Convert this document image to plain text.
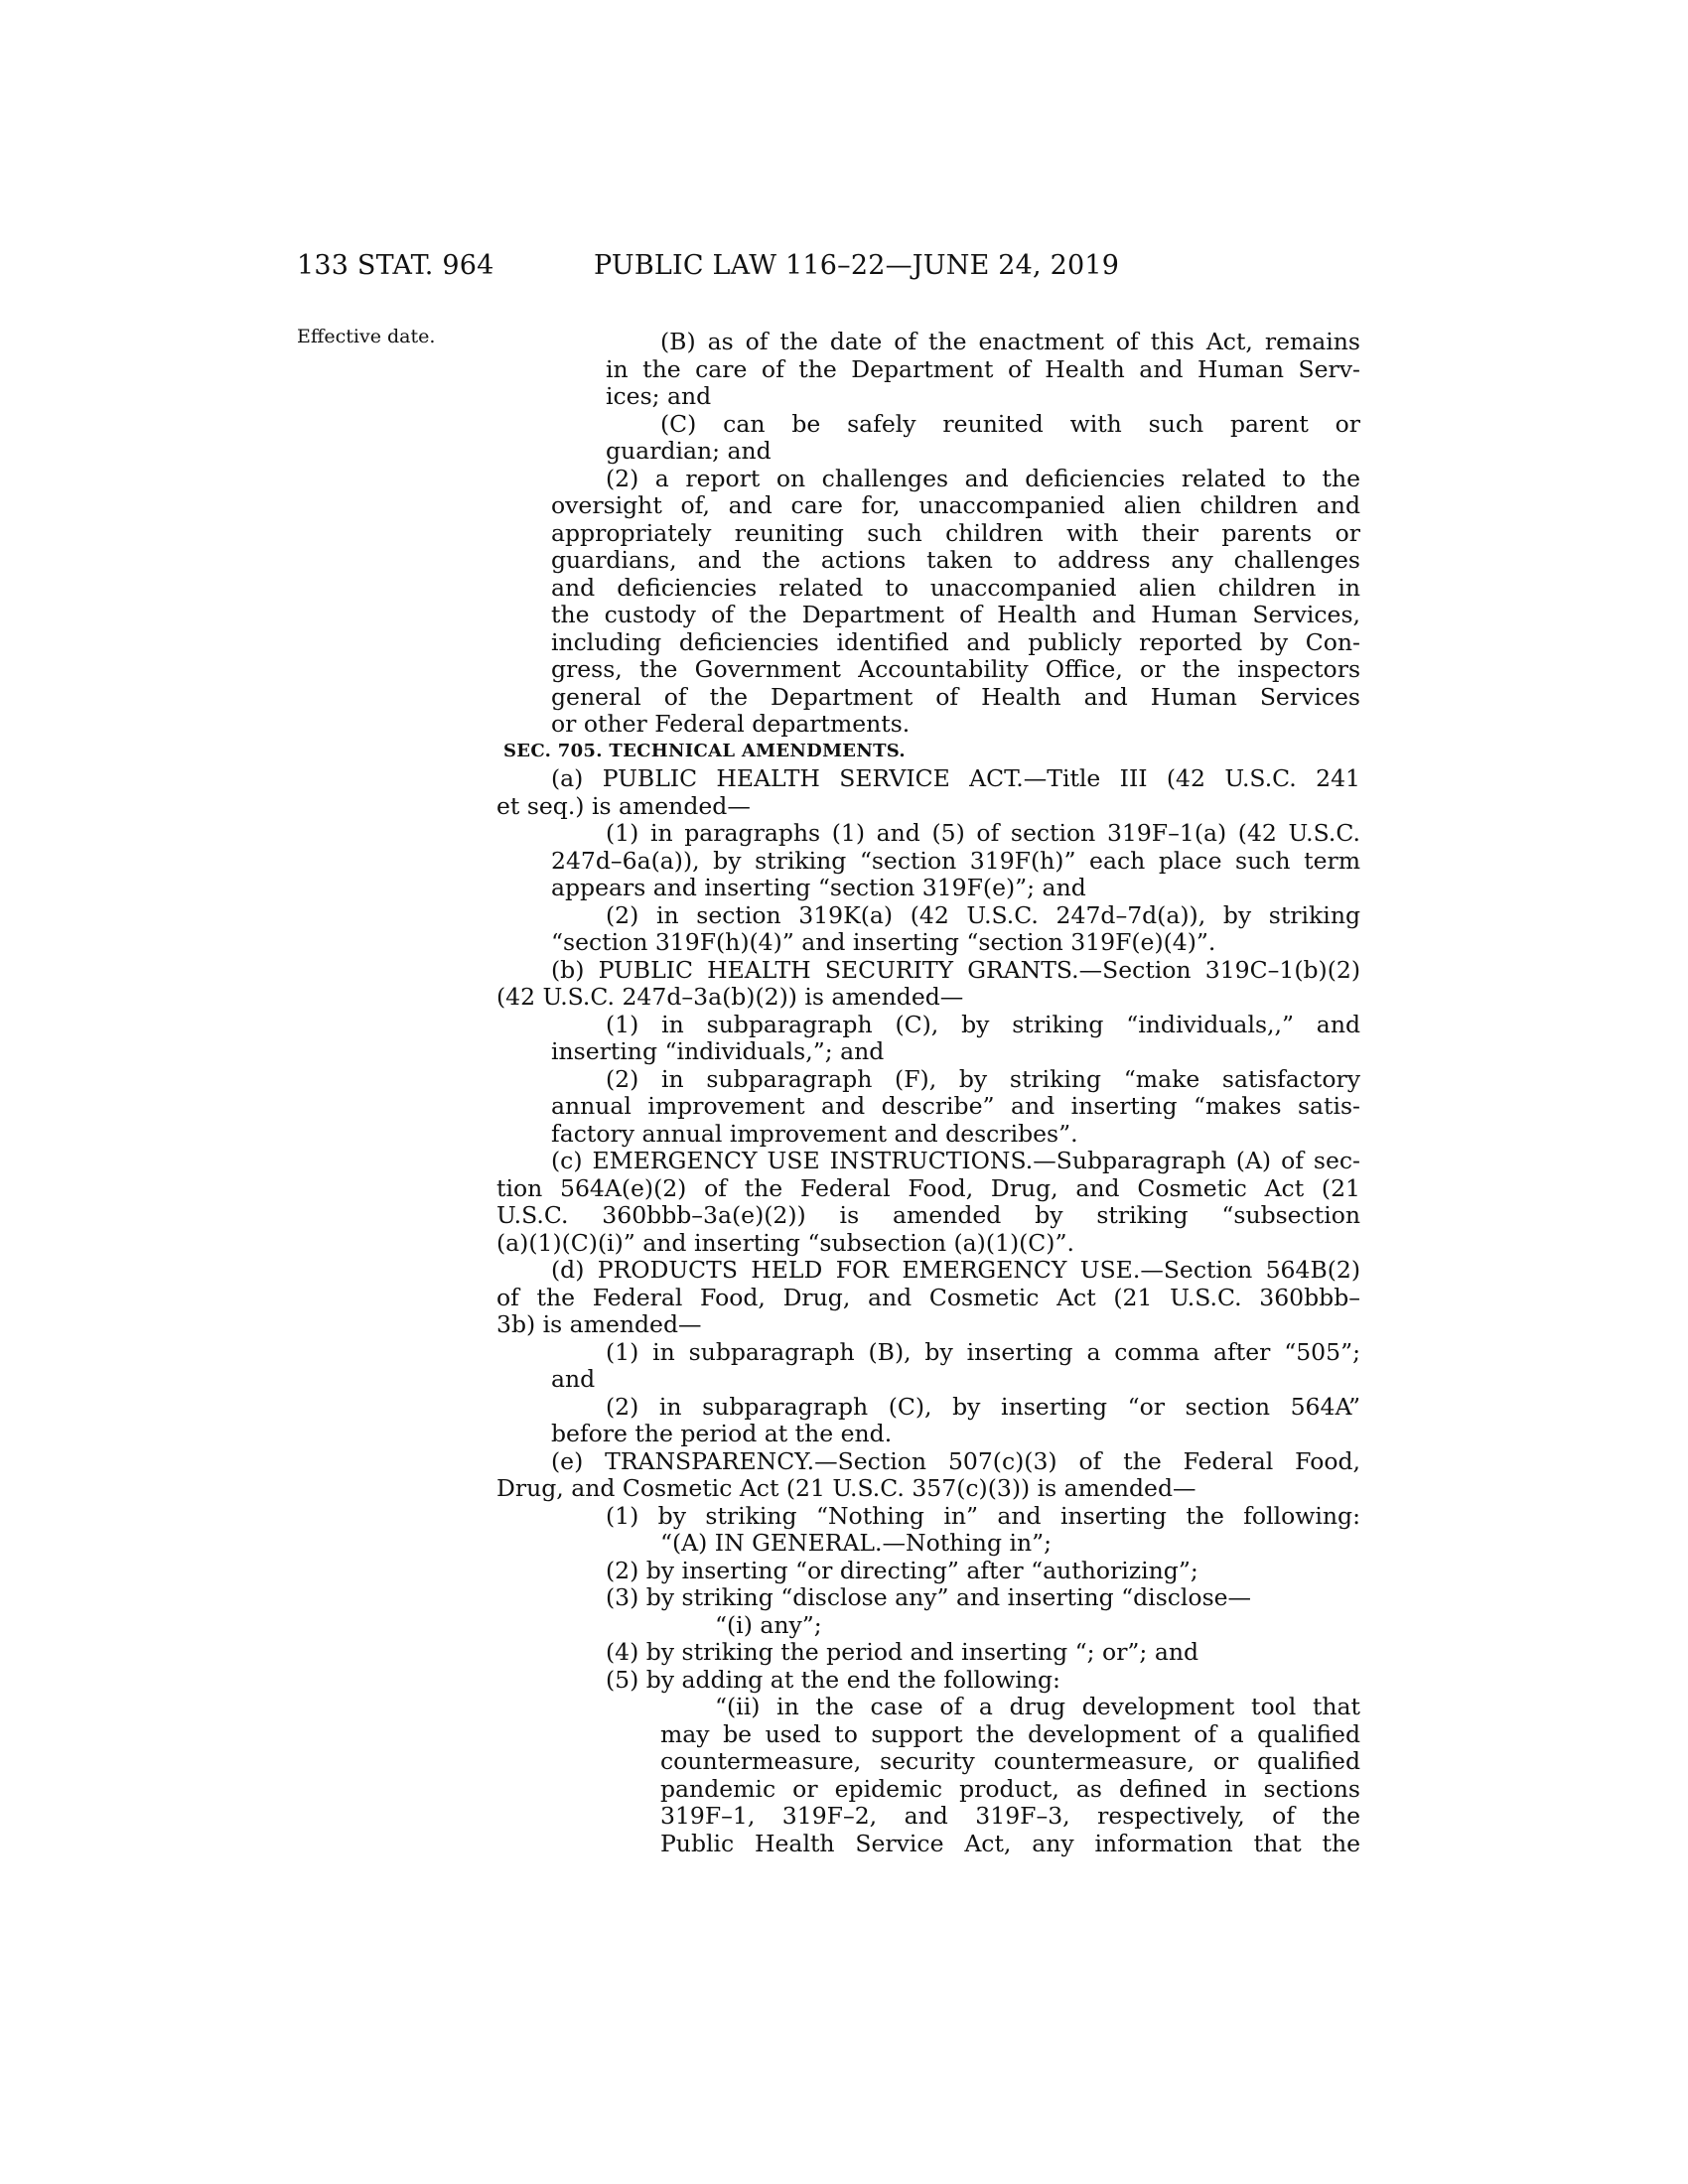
133 STAT. 964	PUBLIC LAW 116–22—JUNE 24, 2019
Effective date.	(B) as of the date of the enactment of this Act, remains
in the care of the Department of Health and Human Serv-
ices; and
(C) can be safely reunited with such parent or
guardian; and
(2) a report on challenges and deficiencies related to the
oversight of, and care for, unaccompanied alien children and
appropriately reuniting such children with their parents or
guardians, and the actions taken to address any challenges
and deficiencies related to unaccompanied alien children in
the custody of the Department of Health and Human Services,
including deficiencies identified and publicly reported by Con-
gress, the Government Accountability Office, or the inspectors
general of the Department of Health and Human Services
or other Federal departments.
SEC. 705. TECHNICAL AMENDMENTS.
(a) PUBLIC HEALTH SERVICE ACT.—Title III (42 U.S.C. 241
et seq.) is amended—
(1) in paragraphs (1) and (5) of section 319F–1(a) (42 U.S.C.
247d–6a(a)), by striking “section 319F(h)” each place such term
appears and inserting “section 319F(e)”; and
(2) in section 319K(a) (42 U.S.C. 247d–7d(a)), by striking
“section 319F(h)(4)” and inserting “section 319F(e)(4)”.
(b) PUBLIC HEALTH SECURITY GRANTS.—Section 319C–1(b)(2)
(42 U.S.C. 247d–3a(b)(2)) is amended—
(1) in subparagraph (C), by striking “individuals,,” and
inserting “individuals,”; and
(2) in subparagraph (F), by striking “make satisfactory
annual improvement and describe” and inserting “makes satis-
factory annual improvement and describes”.
(c) EMERGENCY USE INSTRUCTIONS.—Subparagraph (A) of sec-
tion 564A(e)(2) of the Federal Food, Drug, and Cosmetic Act (21
U.S.C. 360bbb–3a(e)(2)) is amended by striking “subsection
(a)(1)(C)(i)” and inserting “subsection (a)(1)(C)”.
(d) PRODUCTS HELD FOR EMERGENCY USE.—Section 564B(2)
of the Federal Food, Drug, and Cosmetic Act (21 U.S.C. 360bbb–
3b) is amended—
(1) in subparagraph (B), by inserting a comma after “505”;
and
(2) in subparagraph (C), by inserting “or section 564A”
before the period at the end.
(e) TRANSPARENCY.—Section 507(c)(3) of the Federal Food,
Drug, and Cosmetic Act (21 U.S.C. 357(c)(3)) is amended—
(1) by striking “Nothing in” and inserting the following:
“(A) IN GENERAL.—Nothing in”;
(2) by inserting “or directing” after “authorizing”;
(3) by striking “disclose any” and inserting “disclose—
“(i) any”;
(4) by striking the period and inserting “; or”; and
(5) by adding at the end the following:
“(ii) in the case of a drug development tool that
may be used to support the development of a qualified
countermeasure, security countermeasure, or qualified
pandemic or epidemic product, as defined in sections
319F–1, 319F–2, and 319F–3, respectively, of the
Public Health Service Act, any information that the
